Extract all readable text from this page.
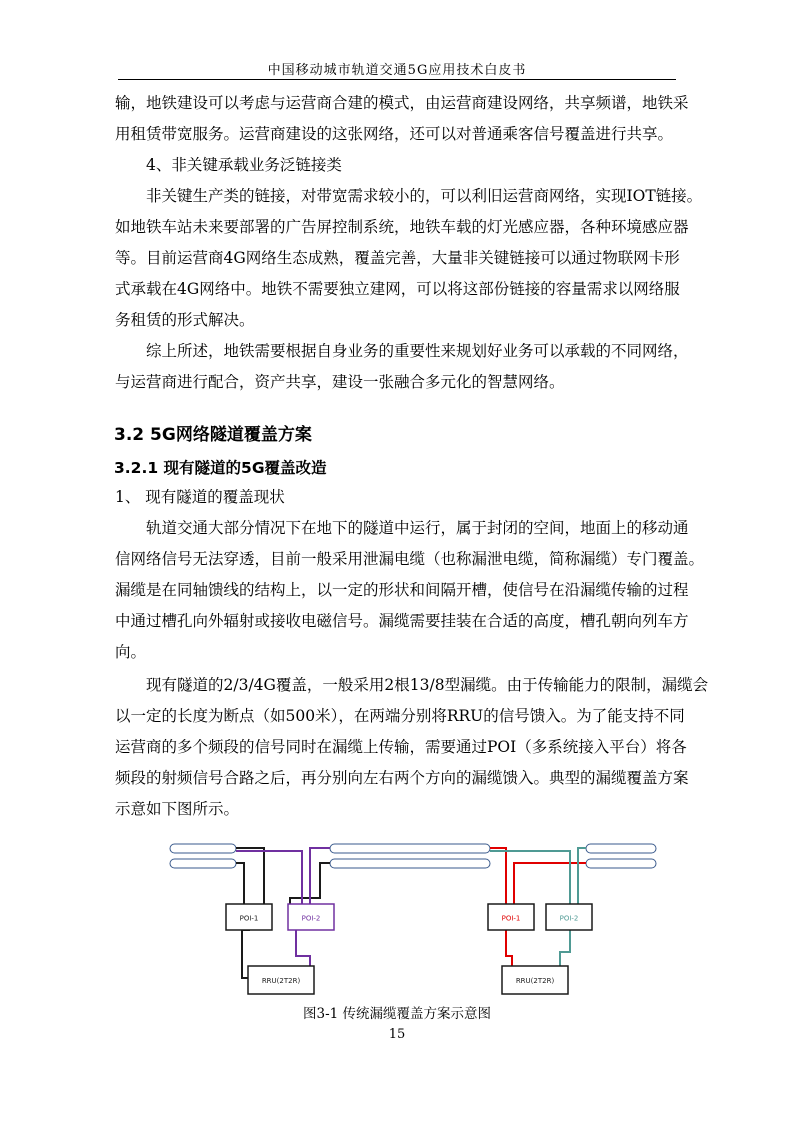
中国移动城市轨道交通5G应用技术白皮书
输，地铁建设可以考虑与运营商合建的模式，由运营商建设网络，共享频谱，地铁采
用租赁带宽服务。运营商建设的这张网络，还可以对普通乘客信号覆盖进行共享。
4、非关键承载业务泛链接类
非关键生产类的链接，对带宽需求较小的，可以利旧运营商网络，实现IOT链接。
如地铁车站未来要部署的广告屏控制系统，地铁车载的灯光感应器，各种环境感应器
等。目前运营商4G网络生态成熟，覆盖完善，大量非关键链接可以通过物联网卡形
式承载在4G网络中。地铁不需要独立建网，可以将这部份链接的容量需求以网络服
务租赁的形式解决。
综上所述，地铁需要根据自身业务的重要性来规划好业务可以承载的不同网络，
与运营商进行配合，资产共享，建设一张融合多元化的智慧网络。
3.2 5G网络隧道覆盖方案
3.2.1 现有隧道的5G覆盖改造
1、 现有隧道的覆盖现状
轨道交通大部分情况下在地下的隧道中运行，属于封闭的空间，地面上的移动通
信网络信号无法穿透，目前一般采用泄漏电缆（也称漏泄电缆，简称漏缆）专门覆盖。
漏缆是在同轴馈线的结构上，以一定的形状和间隔开槽，使信号在沿漏缆传输的过程
中通过槽孔向外辐射或接收电磁信号。漏缆需要挂装在合适的高度，槽孔朝向列车方
向。
现有隧道的2/3/4G覆盖，一般采用2根13/8型漏缆。由于传输能力的限制，漏缆会
以一定的长度为断点（如500米），在两端分别将RRU的信号馈入。为了能支持不同
运营商的多个频段的信号同时在漏缆上传输，需要通过POI（多系统接入平台）将各
频段的射频信号合路之后，再分别向左右两个方向的漏缆馈入。典型的漏缆覆盖方案
示意如下图所示。
POI-1	POI-2
RRU(2T2R)
POI-1	POI-2
RRU(2T2R)
图3-1 传统漏缆覆盖方案示意图
15
